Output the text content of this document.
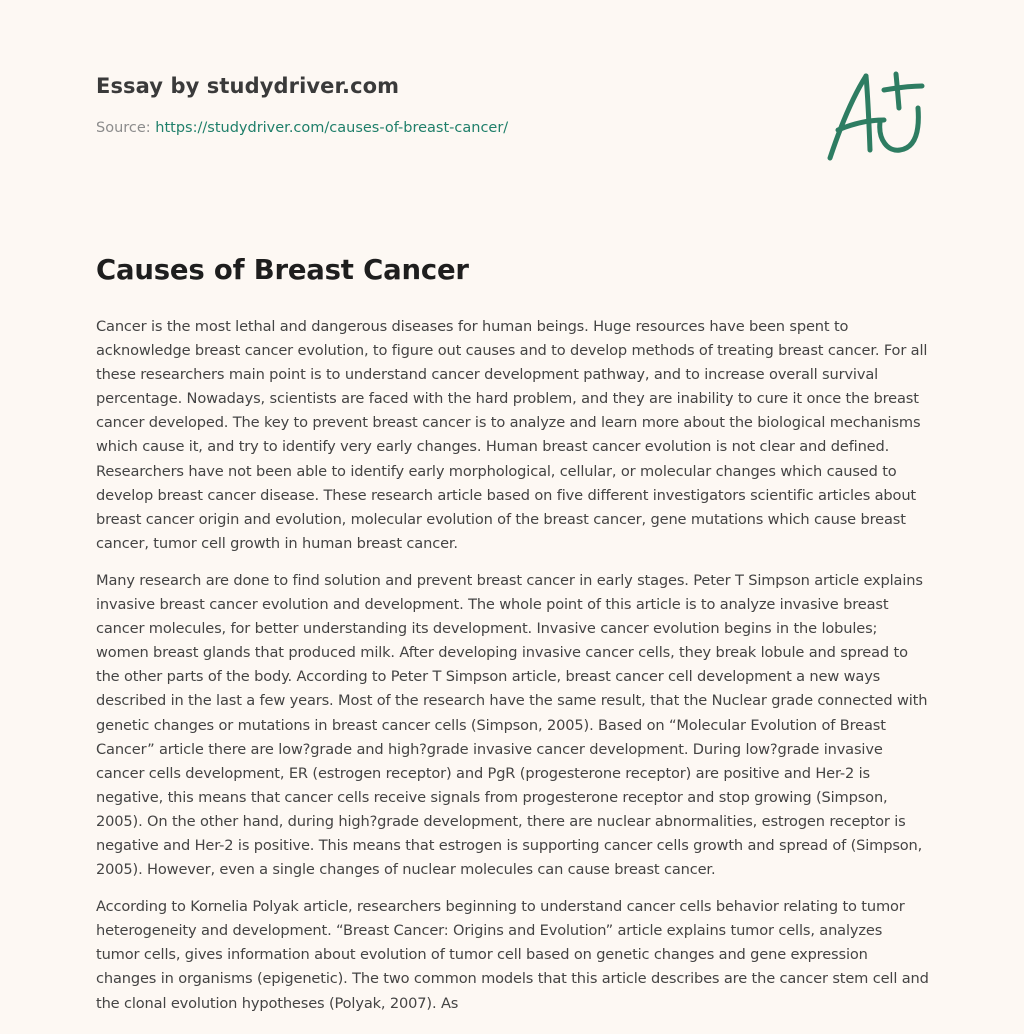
Essay by studydriver.com
Source: https://studydriver.com/causes-of-breast-cancer/
Causes of Breast Cancer

Cancer is the most lethal and dangerous diseases for human beings. Huge resources have been spent to acknowledge breast cancer evolution, to figure out causes and to develop methods of treating breast cancer. For all these researchers main point is to understand cancer development pathway, and to increase overall survival percentage. Nowadays, scientists are faced with the hard problem, and they are inability to cure it once the breast cancer developed. The key to prevent breast cancer is to analyze and learn more about the biological mechanisms which cause it, and try to identify very early changes. Human breast cancer evolution is not clear and defined. Researchers have not been able to identify early morphological, cellular, or molecular changes which caused to develop breast cancer disease. These research article based on five different investigators scientific articles about breast cancer origin and evolution, molecular evolution of the breast cancer, gene mutations which cause breast cancer, tumor cell growth in human breast cancer.

Many research are done to find solution and prevent breast cancer in early stages. Peter T Simpson article explains invasive breast cancer evolution and development. The whole point of this article is to analyze invasive breast cancer molecules, for better understanding its development. Invasive cancer evolution begins in the lobules; women breast glands that produced milk. After developing invasive cancer cells, they break lobule and spread to the other parts of the body. According to Peter T Simpson article, breast cancer cell development a new ways described in the last a few years. Most of the research have the same result, that the Nuclear grade connected with genetic changes or mutations in breast cancer cells (Simpson, 2005). Based on “Molecular Evolution of Breast Cancer” article there are low?grade and high?grade invasive cancer development. During low?grade invasive cancer cells development, ER (estrogen receptor) and PgR (progesterone receptor) are positive and Her-2 is negative, this means that cancer cells receive signals from progesterone receptor and stop growing (Simpson, 2005). On the other hand, during high?grade development, there are nuclear abnormalities, estrogen receptor is negative and Her-2 is positive. This means that estrogen is supporting cancer cells growth and spread of (Simpson, 2005). However, even a single changes of nuclear molecules can cause breast cancer.

According to Kornelia Polyak article, researchers beginning to understand cancer cells behavior relating to tumor heterogeneity and development. “Breast Cancer: Origins and Evolution” article explains tumor cells, analyzes tumor cells, gives information about evolution of tumor cell based on genetic changes and gene expression changes in organisms (epigenetic). The two common models that this article describes are the cancer stem cell and the clonal evolution hypotheses (Polyak, 2007). As
